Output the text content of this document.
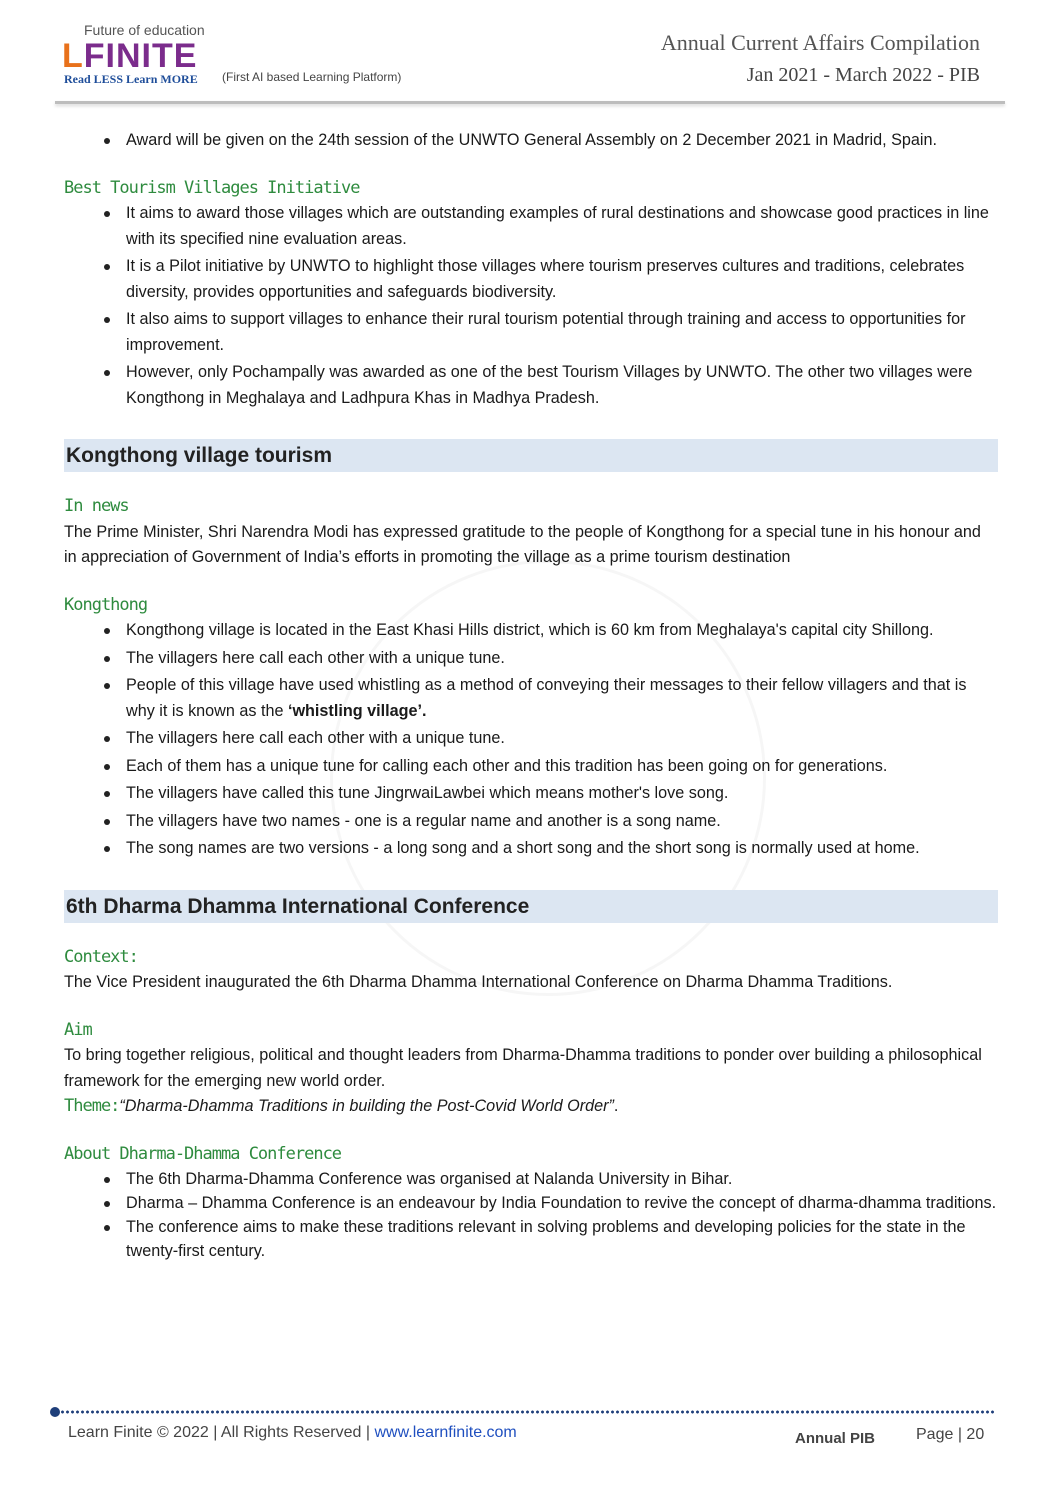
Future of education
LFINITE
Read LESS Learn MORE (First AI based Learning Platform)
Annual Current Affairs Compilation
Jan 2021 - March 2022 - PIB
Award will be given on the 24th session of the UNWTO General Assembly on 2 December 2021 in Madrid, Spain.
Best Tourism Villages Initiative
It aims to award those villages which are outstanding examples of rural destinations and showcase good practices in line with its specified nine evaluation areas.
It is a Pilot initiative by UNWTO to highlight those villages where tourism preserves cultures and traditions, celebrates diversity, provides opportunities and safeguards biodiversity.
It also aims to support villages to enhance their rural tourism potential through training and access to opportunities for improvement.
However, only Pochampally was awarded as one of the best Tourism Villages by UNWTO. The other two villages were Kongthong in Meghalaya and Ladhpura Khas in Madhya Pradesh.
Kongthong village tourism
In news

The Prime Minister, Shri Narendra Modi has expressed gratitude to the people of Kongthong for a special tune in his honour and in appreciation of Government of India’s efforts in promoting the village as a prime tourism destination

Kongthong
Kongthong village is located in the East Khasi Hills district, which is 60 km from Meghalaya's capital city Shillong.
The villagers here call each other with a unique tune.
People of this village have used whistling as a method of conveying their messages to their fellow villagers and that is why it is known as the ‘whistling village’.
The villagers here call each other with a unique tune.
Each of them has a unique tune for calling each other and this tradition has been going on for generations.
The villagers have called this tune JingrwaiLawbei which means mother's love song.
The villagers have two names - one is a regular name and another is a song name.
The song names are two versions - a long song and a short song and the short song is normally used at home.
6th Dharma Dhamma International Conference
Context:

The Vice President inaugurated the 6th Dharma Dhamma International Conference on Dharma Dhamma Traditions.

Aim

To bring together religious, political and thought leaders from Dharma-Dhamma traditions to ponder over building a philosophical framework for the emerging new world order.

Theme:“Dharma-Dhamma Traditions in building the Post-Covid World Order”.

About Dharma-Dhamma Conference
The 6th Dharma-Dhamma Conference was organised at Nalanda University in Bihar.
Dharma – Dhamma Conference is an endeavour by India Foundation to revive the concept of dharma-dhamma traditions.
The conference aims to make these traditions relevant in solving problems and developing policies for the state in the twenty-first century.
Learn Finite © 2022 | All Rights Reserved | www.learnfinite.com	Annual PIB	Page | 20
